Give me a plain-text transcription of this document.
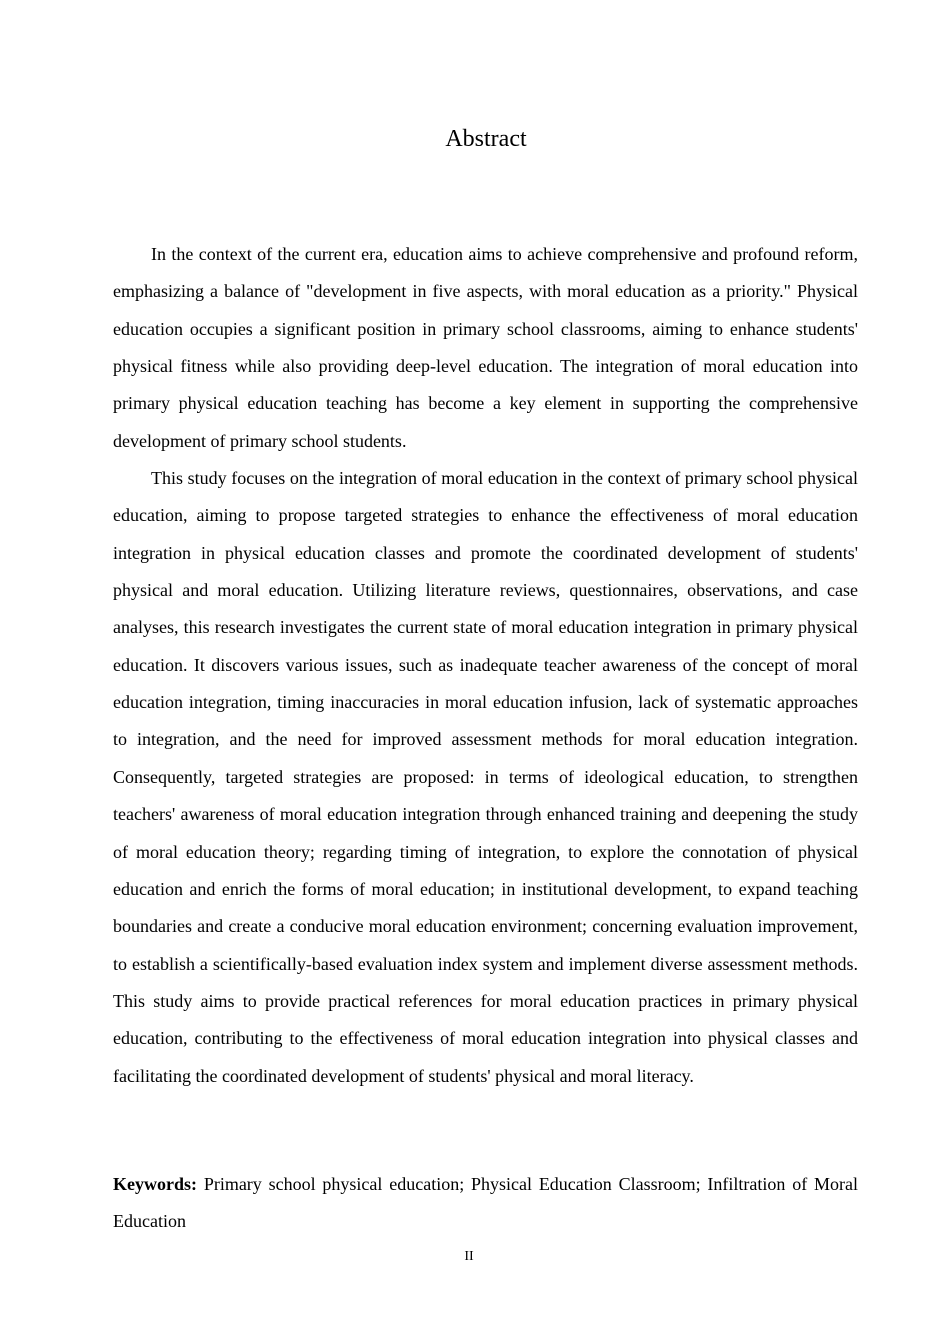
Abstract

In the context of the current era, education aims to achieve comprehensive and profound reform, emphasizing a balance of "development in five aspects, with moral education as a priority." Physical education occupies a significant position in primary school classrooms, aiming to enhance students' physical fitness while also providing deep-level education. The integration of moral education into primary physical education teaching has become a key element in supporting the comprehensive development of primary school students.

This study focuses on the integration of moral education in the context of primary school physical education, aiming to propose targeted strategies to enhance the effectiveness of moral education integration in physical education classes and promote the coordinated development of students' physical and moral education. Utilizing literature reviews, questionnaires, observations, and case analyses, this research investigates the current state of moral education integration in primary physical education. It discovers various issues, such as inadequate teacher awareness of the concept of moral education integration, timing inaccuracies in moral education infusion, lack of systematic approaches to integration, and the need for improved assessment methods for moral education integration. Consequently, targeted strategies are proposed: in terms of ideological education, to strengthen teachers' awareness of moral education integration through enhanced training and deepening the study of moral education theory; regarding timing of integration, to explore the connotation of physical education and enrich the forms of moral education; in institutional development, to expand teaching boundaries and create a conducive moral education environment; concerning evaluation improvement, to establish a scientifically-based evaluation index system and implement diverse assessment methods. This study aims to provide practical references for moral education practices in primary physical education, contributing to the effectiveness of moral education integration into physical classes and facilitating the coordinated development of students' physical and moral literacy.

Keywords: Primary school physical education; Physical Education Classroom; Infiltration of Moral Education

II
